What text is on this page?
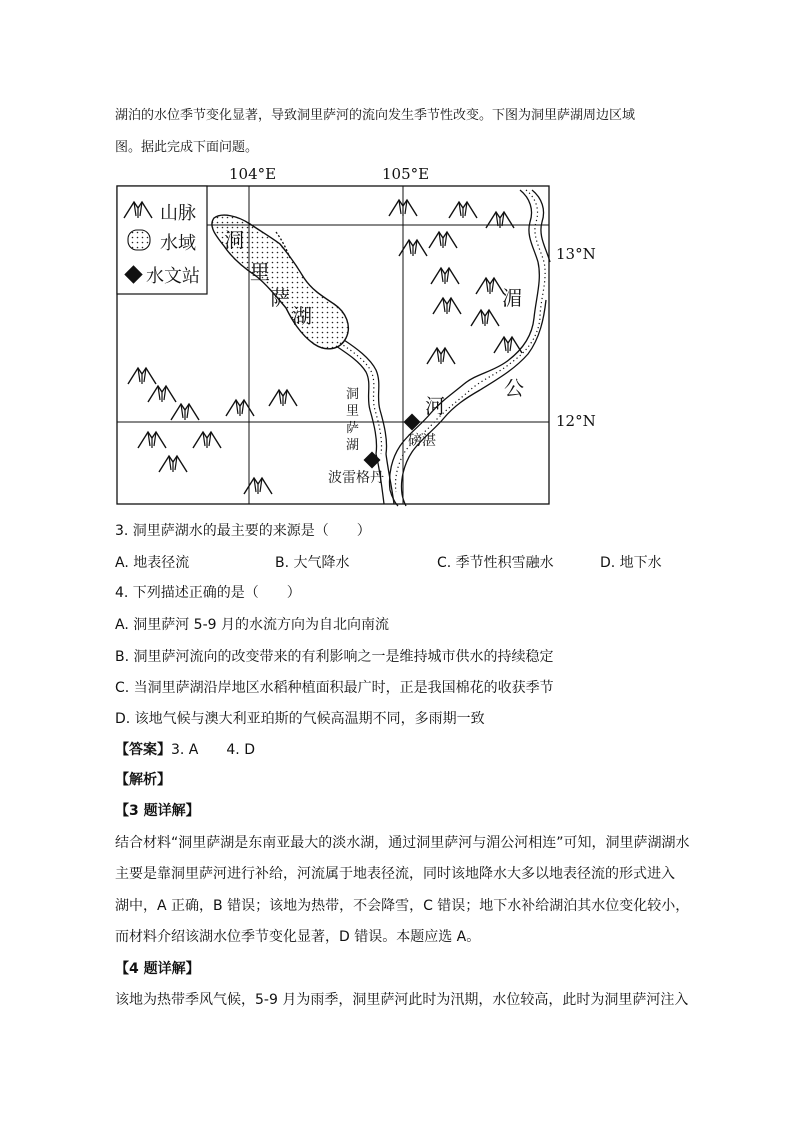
湖泊的水位季节变化显著，导致洞里萨河的流向发生季节性改变。下图为洞里萨湖周边区域
图。据此完成下面问题。
104°E	105°E
13°N
12°N
山脉
水域
水文站
洞
里
萨
湖
洞
里
萨
湖
湄
公
河
磅湛
波雷格丹
3. 洞里萨湖水的最主要的来源是（　　）
A. 地表径流	B. 大气降水	C. 季节性积雪融水	D. 地下水
4. 下列描述正确的是（　　）
A. 洞里萨河 5-9 月的水流方向为自北向南流
B. 洞里萨河流向的改变带来的有利影响之一是维持城市供水的持续稳定
C. 当洞里萨湖沿岸地区水稻种植面积最广时，正是我国棉花的收获季节
D. 该地气候与澳大利亚珀斯的气候高温期不同，多雨期一致
【答案】3. A　　4. D
【解析】
【3 题详解】
结合材料“洞里萨湖是东南亚最大的淡水湖，通过洞里萨河与湄公河相连”可知，洞里萨湖湖水
主要是靠洞里萨河进行补给，河流属于地表径流，同时该地降水大多以地表径流的形式进入
湖中，A 正确，B 错误；该地为热带，不会降雪，C 错误；地下水补给湖泊其水位变化较小，
而材料介绍该湖水位季节变化显著，D 错误。本题应选 A。
【4 题详解】
该地为热带季风气候，5-9 月为雨季，洞里萨河此时为汛期，水位较高，此时为洞里萨河注入
